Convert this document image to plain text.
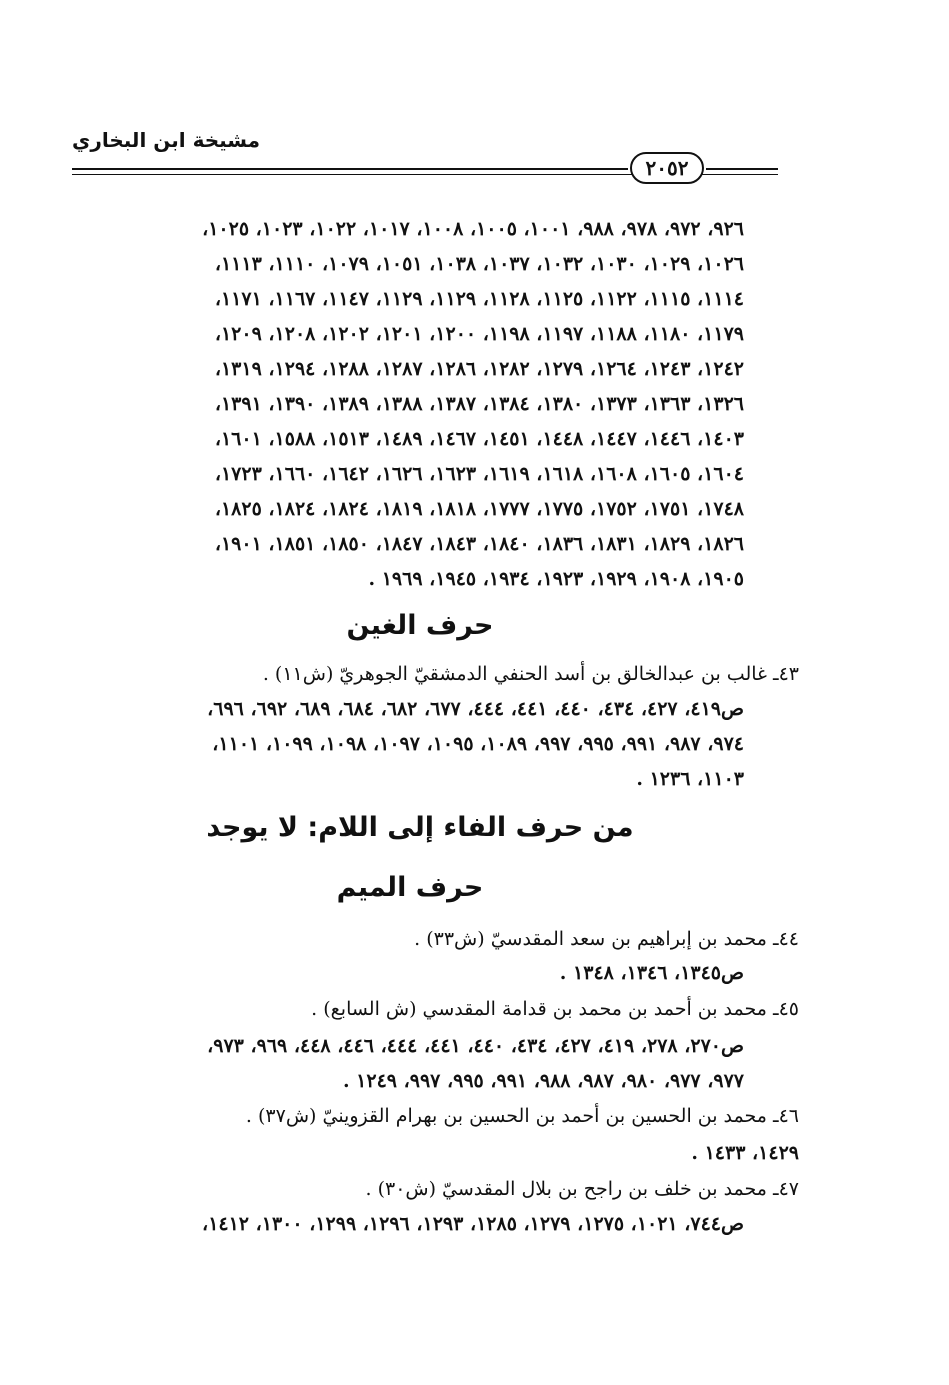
مشيخة ابن البخاري
٢٠٥٢
٩٢٦، ٩٧٢، ٩٧٨، ٩٨٨، ١٠٠١، ١٠٠٥، ١٠٠٨، ١٠١٧، ١٠٢٢، ١٠٢٣، ١٠٢٥،
١٠٢٦، ١٠٢٩، ١٠٣٠، ١٠٣٢، ١٠٣٧، ١٠٣٨، ١٠٥١، ١٠٧٩، ١١١٠، ١١١٣،
١١١٤، ١١١٥، ١١٢٢، ١١٢٥، ١١٢٨، ١١٢٩، ١١٢٩، ١١٤٧، ١١٦٧، ١١٧١،
١١٧٩، ١١٨٠، ١١٨٨، ١١٩٧، ١١٩٨، ١٢٠٠، ١٢٠١، ١٢٠٢، ١٢٠٨، ١٢٠٩،
١٢٤٢، ١٢٤٣، ١٢٦٤، ١٢٧٩، ١٢٨٢، ١٢٨٦، ١٢٨٧، ١٢٨٨، ١٢٩٤، ١٣١٩،
١٣٢٦، ١٣٦٣، ١٣٧٣، ١٣٨٠، ١٣٨٤، ١٣٨٧، ١٣٨٨، ١٣٨٩، ١٣٩٠، ١٣٩١،
١٤٠٣، ١٤٤٦، ١٤٤٧، ١٤٤٨، ١٤٥١، ١٤٦٧، ١٤٨٩، ١٥١٣، ١٥٨٨، ١٦٠١،
١٦٠٤، ١٦٠٥، ١٦٠٨، ١٦١٨، ١٦١٩، ١٦٢٣، ١٦٢٦، ١٦٤٢، ١٦٦٠، ١٧٢٣،
١٧٤٨، ١٧٥١، ١٧٥٢، ١٧٧٥، ١٧٧٧، ١٨١٨، ١٨١٩، ١٨٢٤، ١٨٢٤، ١٨٢٥،
١٨٢٦، ١٨٢٩، ١٨٣١، ١٨٣٦، ١٨٤٠، ١٨٤٣، ١٨٤٧، ١٨٥٠، ١٨٥١، ١٩٠١،
١٩٠٥، ١٩٠٨، ١٩٢٩، ١٩٢٣، ١٩٣٤، ١٩٤٥، ١٩٦٩ .
حرف الغين
٤٣ـ غالب بن عبدالخالق بن أسد الحنفي الدمشقيّ الجوهريّ (ش١١) .
ص٤١٩، ٤٢٧، ٤٣٤، ٤٤٠، ٤٤١، ٤٤٤، ٦٧٧، ٦٨٢، ٦٨٤، ٦٨٩، ٦٩٢، ٦٩٦،
٩٧٤، ٩٨٧، ٩٩١، ٩٩٥، ٩٩٧، ١٠٨٩، ١٠٩٥، ١٠٩٧، ١٠٩٨، ١٠٩٩، ١١٠١،
١١٠٣، ١٢٣٦ .
من حرف الفاء إلى اللام: لا يوجد
حرف الميم
٤٤ـ محمد بن إبراهيم بن سعد المقدسيّ (ش٣٣) .
ص١٣٤٥، ١٣٤٦، ١٣٤٨ .
٤٥ـ محمد بن أحمد بن محمد بن قدامة المقدسي (ش السابع) .
ص٢٧٠، ٢٧٨، ٤١٩، ٤٢٧، ٤٣٤، ٤٤٠، ٤٤١، ٤٤٤، ٤٤٦، ٤٤٨، ٩٦٩، ٩٧٣،
٩٧٧، ٩٧٧، ٩٨٠، ٩٨٧، ٩٨٨، ٩٩١، ٩٩٥، ٩٩٧، ١٢٤٩ .
٤٦ـ محمد بن الحسين بن أحمد بن الحسين بن بهرام القزوينيّ (ش٣٧) .
١٤٢٩، ١٤٣٣ .
٤٧ـ محمد بن خلف بن راجح بن بلال المقدسيّ (ش٣٠) .
ص٧٤٤، ١٠٢١، ١٢٧٥، ١٢٧٩، ١٢٨٥، ١٢٩٣، ١٢٩٦، ١٢٩٩، ١٣٠٠، ١٤١٢،
